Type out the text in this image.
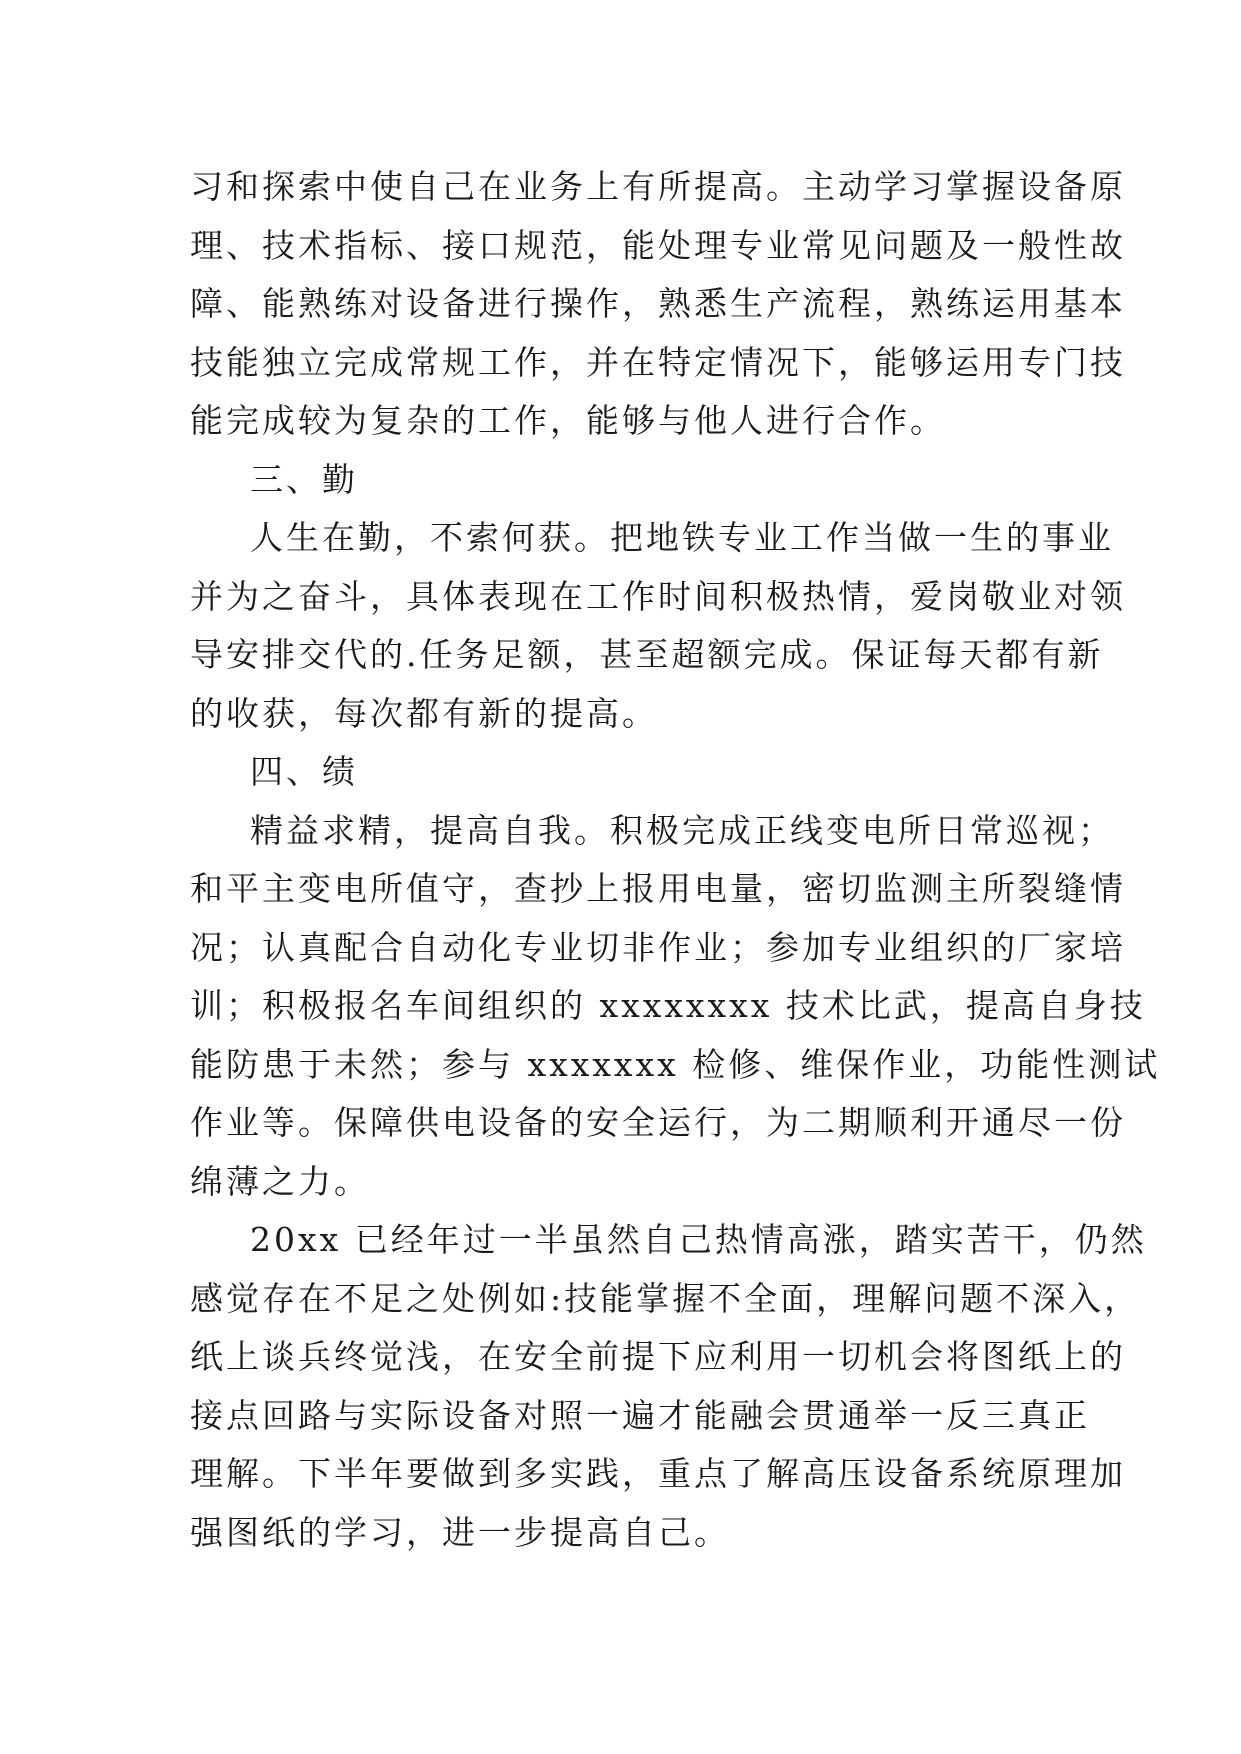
习和探索中使自己在业务上有所提高。主动学习掌握设备原
理、技术指标、接口规范，能处理专业常见问题及一般性故
障、能熟练对设备进行操作，熟悉生产流程，熟练运用基本
技能独立完成常规工作，并在特定情况下，能够运用专门技
能完成较为复杂的工作，能够与他人进行合作。
三、勤
人生在勤，不索何获。把地铁专业工作当做一生的事业
并为之奋斗，具体表现在工作时间积极热情，爱岗敬业对领
导安排交代的.任务足额，甚至超额完成。保证每天都有新
的收获，每次都有新的提高。
四、绩
精益求精，提高自我。积极完成正线变电所日常巡视；
和平主变电所值守，查抄上报用电量，密切监测主所裂缝情
况；认真配合自动化专业切非作业；参加专业组织的厂家培
训；积极报名车间组织的 xxxxxxxx 技术比武，提高自身技
能防患于未然；参与 xxxxxxx 检修、维保作业，功能性测试
作业等。保障供电设备的安全运行，为二期顺利开通尽一份
绵薄之力。
20xx 已经年过一半虽然自己热情高涨，踏实苦干，仍然
感觉存在不足之处例如:技能掌握不全面，理解问题不深入，
纸上谈兵终觉浅，在安全前提下应利用一切机会将图纸上的
接点回路与实际设备对照一遍才能融会贯通举一反三真正
理解。下半年要做到多实践，重点了解高压设备系统原理加
强图纸的学习，进一步提高自己。
